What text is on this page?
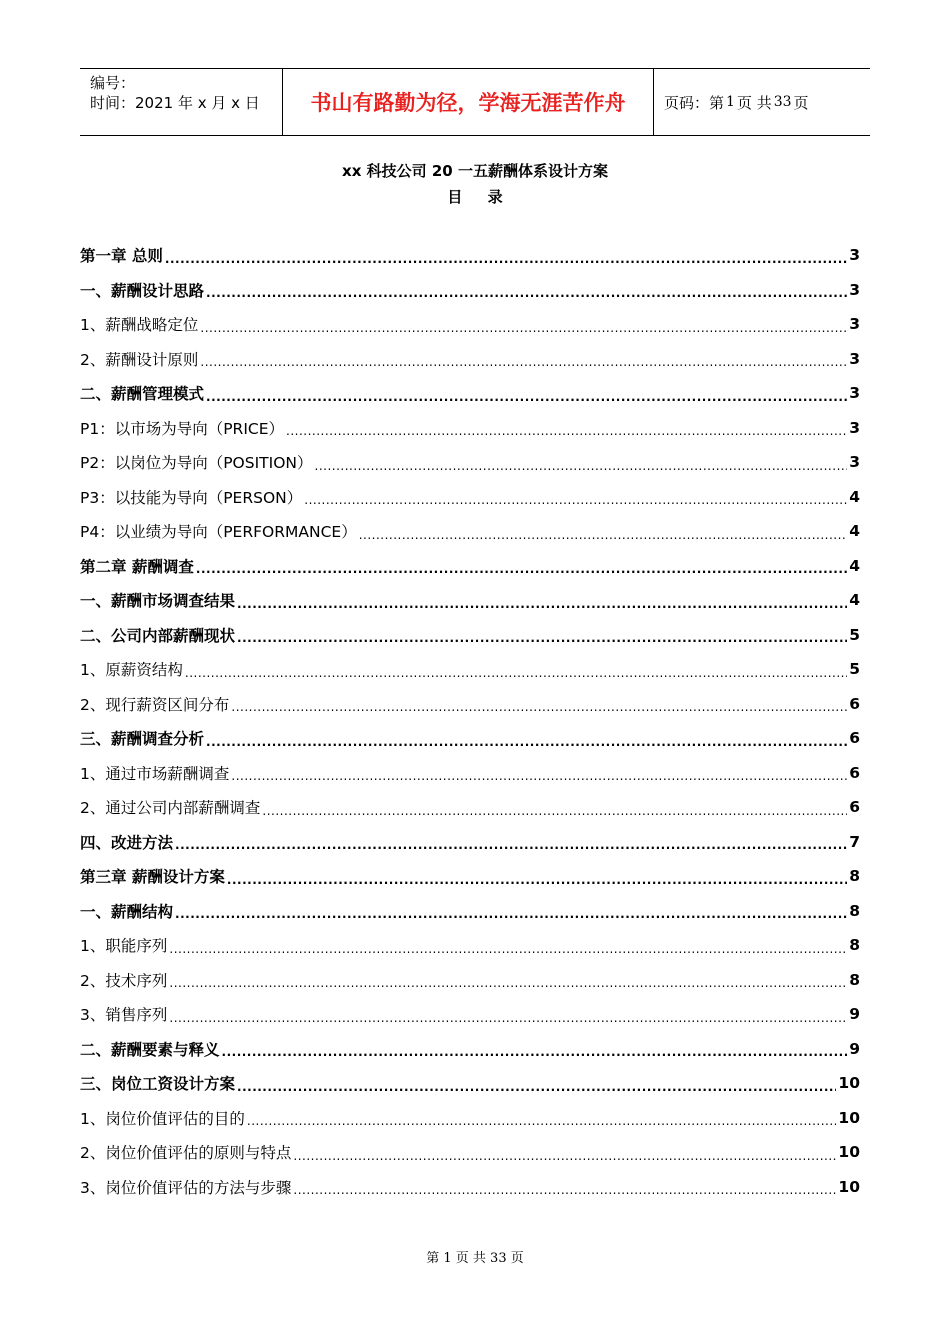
编号：
时间：2021 年 x 月 x 日	书山有路勤为径，学海无涯苦作舟	页码：第 1 页 共 33 页
xx 科技公司 20 一五薪酬体系设计方案
目 录
第一章 总则 .....	3
一、薪酬设计思路 .....	3
1、薪酬战略定位 .....	3
2、薪酬设计原则 .....	3
二、薪酬管理模式 .....	3
P1：以市场为导向（PRICE） .....	3
P2：以岗位为导向（POSITION） .....	3
P3：以技能为导向（PERSON） .....	4
P4：以业绩为导向（PERFORMANCE） .....	4
第二章 薪酬调查 .....	4
一、薪酬市场调查结果 .....	4
二、公司内部薪酬现状 .....	5
1、原薪资结构 .....	5
2、现行薪资区间分布 .....	6
三、薪酬调查分析 .....	6
1、通过市场薪酬调查 .....	6
2、通过公司内部薪酬调查 .....	6
四、改进方法 .....	7
第三章 薪酬设计方案 .....	8
一、薪酬结构 .....	8
1、职能序列 .....	8
2、技术序列 .....	8
3、销售序列 .....	9
二、薪酬要素与释义 .....	9
三、岗位工资设计方案 .....	10
1、岗位价值评估的目的 .....	10
2、岗位价值评估的原则与特点 .....	10
3、岗位价值评估的方法与步骤 .....	10
第 1 页 共 33 页
